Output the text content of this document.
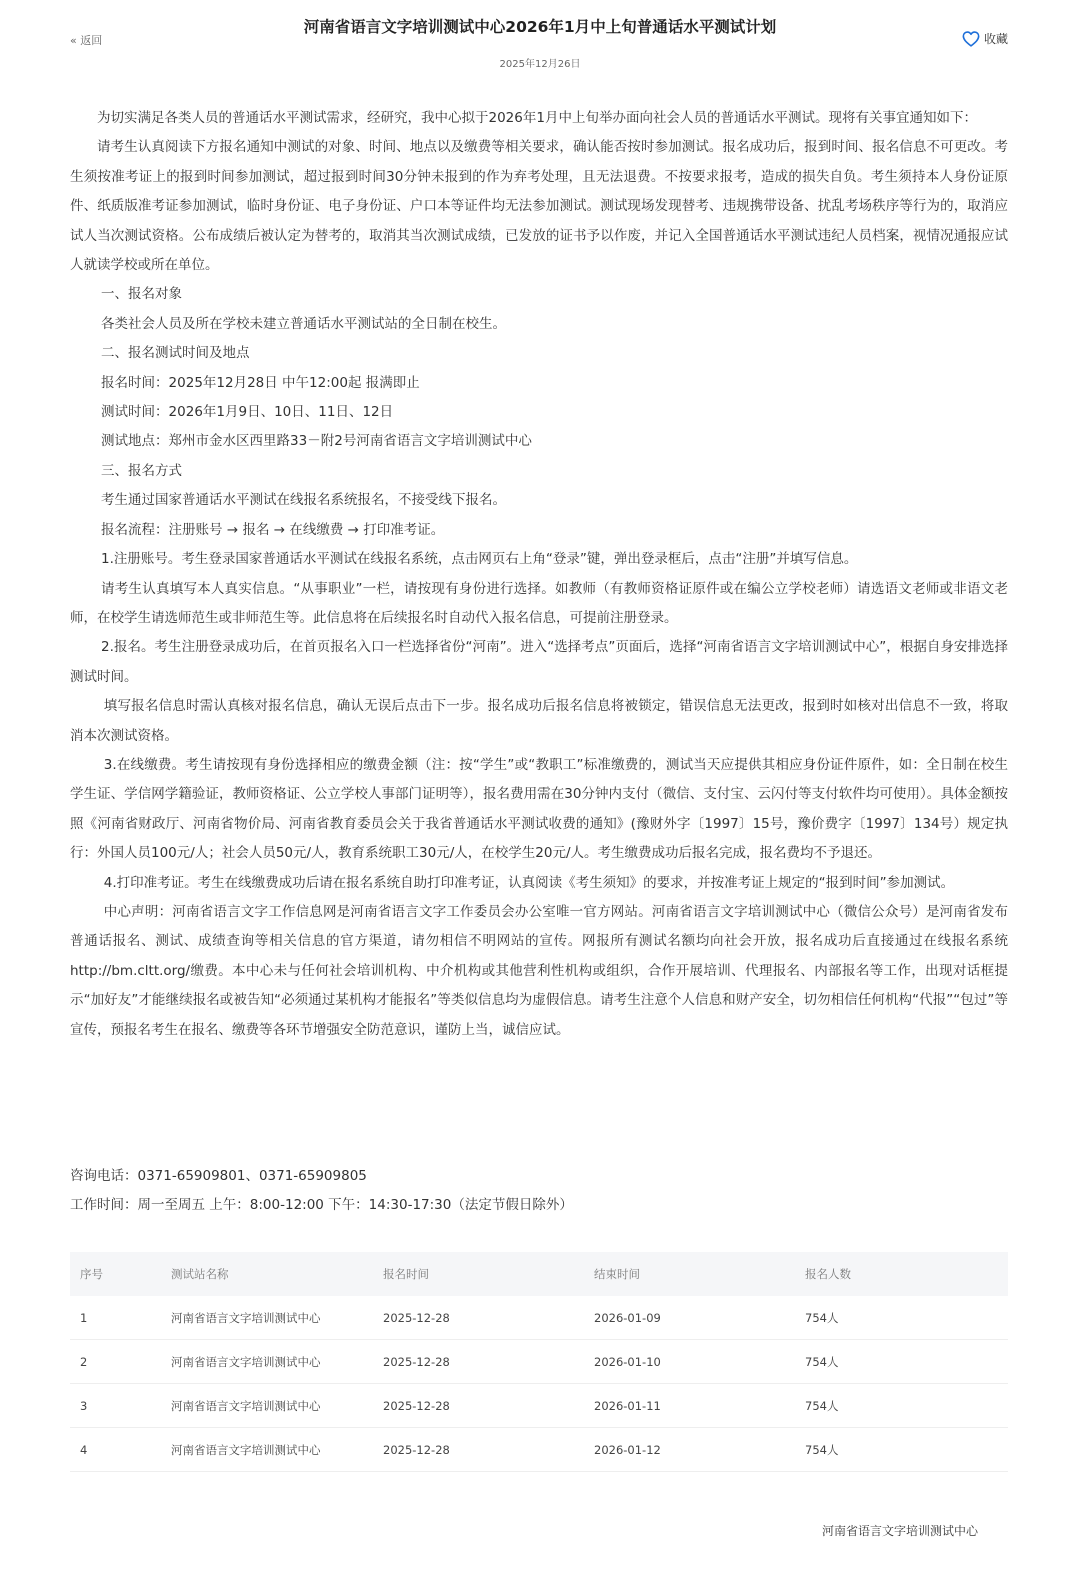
« 返回
河南省语言文字培训测试中心2026年1月中上旬普通话水平测试计划
2025年12月26日
收藏

为切实满足各类人员的普通话水平测试需求，经研究，我中心拟于2026年1月中上旬举办面向社会人员的普通话水平测试。现将有关事宜通知如下：

请考生认真阅读下方报名通知中测试的对象、时间、地点以及缴费等相关要求，确认能否按时参加测试。报名成功后，报到时间、报名信息不可更改。考生须按准考证上的报到时间参加测试，超过报到时间30分钟未报到的作为弃考处理，且无法退费。不按要求报考，造成的损失自负。考生须持本人身份证原件、纸质版准考证参加测试，临时身份证、电子身份证、户口本等证件均无法参加测试。测试现场发现替考、违规携带设备、扰乱考场秩序等行为的，取消应试人当次测试资格。公布成绩后被认定为替考的，取消其当次测试成绩，已发放的证书予以作废，并记入全国普通话水平测试违纪人员档案，视情况通报应试人就读学校或所在单位。

一、报名对象

各类社会人员及所在学校未建立普通话水平测试站的全日制在校生。

二、报名测试时间及地点

报名时间：2025年12月28日 中午12:00起 报满即止

测试时间：2026年1月9日、10日、11日、12日

测试地点：郑州市金水区西里路33－附2号河南省语言文字培训测试中心

三、报名方式

考生通过国家普通话水平测试在线报名系统报名，不接受线下报名。

报名流程：注册账号 → 报名 → 在线缴费 → 打印准考证。

1.注册账号。考生登录国家普通话水平测试在线报名系统，点击网页右上角“登录”键，弹出登录框后，点击“注册”并填写信息。

请考生认真填写本人真实信息。“从事职业”一栏，请按现有身份进行选择。如教师（有教师资格证原件或在编公立学校老师）请选语文老师或非语文老师，在校学生请选师范生或非师范生等。此信息将在后续报名时自动代入报名信息，可提前注册登录。

2.报名。考生注册登录成功后，在首页报名入口一栏选择省份“河南”。进入“选择考点”页面后，选择“河南省语言文字培训测试中心”，根据自身安排选择测试时间。

填写报名信息时需认真核对报名信息，确认无误后点击下一步。报名成功后报名信息将被锁定，错误信息无法更改，报到时如核对出信息不一致，将取消本次测试资格。

3.在线缴费。考生请按现有身份选择相应的缴费金额（注：按“学生”或“教职工”标准缴费的，测试当天应提供其相应身份证件原件，如：全日制在校生学生证、学信网学籍验证，教师资格证、公立学校人事部门证明等），报名费用需在30分钟内支付（微信、支付宝、云闪付等支付软件均可使用）。具体金额按照《河南省财政厅、河南省物价局、河南省教育委员会关于我省普通话水平测试收费的通知》(豫财外字〔1997〕15号，豫价费字〔1997〕134号）规定执行：外国人员100元/人；社会人员50元/人，教育系统职工30元/人，在校学生20元/人。考生缴费成功后报名完成，报名费均不予退还。

4.打印准考证。考生在线缴费成功后请在报名系统自助打印准考证，认真阅读《考生须知》的要求，并按准考证上规定的“报到时间”参加测试。

中心声明：河南省语言文字工作信息网是河南省语言文字工作委员会办公室唯一官方网站。河南省语言文字培训测试中心（微信公众号）是河南省发布普通话报名、测试、成绩查询等相关信息的官方渠道，请勿相信不明网站的宣传。网报所有测试名额均向社会开放，报名成功后直接通过在线报名系统http://bm.cltt.org/缴费。本中心未与任何社会培训机构、中介机构或其他营利性机构或组织，合作开展培训、代理报名、内部报名等工作，出现对话框提示“加好友”才能继续报名或被告知“必须通过某机构才能报名”等类似信息均为虚假信息。请考生注意个人信息和财产安全，切勿相信任何机构“代报”“包过”等宣传，预报名考生在报名、缴费等各环节增强安全防范意识，谨防上当，诚信应试。

咨询电话：0371-65909801、0371-65909805
工作时间：周一至周五 上午：8:00-12:00 下午：14:30-17:30（法定节假日除外）
序号	测试站名称	报名时间	结束时间	报名人数
1	河南省语言文字培训测试中心	2025-12-28	2026-01-09	754人
2	河南省语言文字培训测试中心	2025-12-28	2026-01-10	754人
3	河南省语言文字培训测试中心	2025-12-28	2026-01-11	754人
4	河南省语言文字培训测试中心	2025-12-28	2026-01-12	754人
河南省语言文字培训测试中心
